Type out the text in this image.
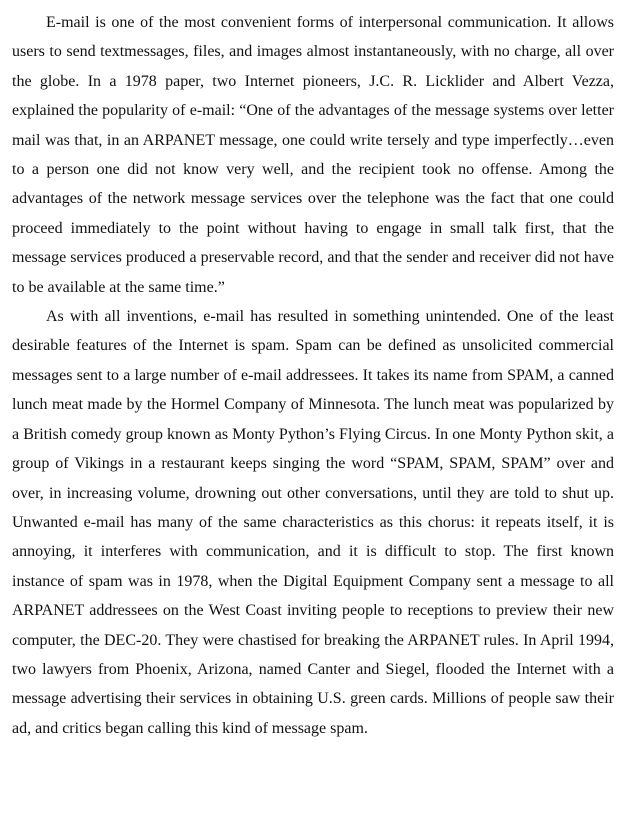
E-mail is one of the most convenient forms of interpersonal communication. It allows users to send textmessages, files, and images almost instantaneously, with no charge, all over the globe. In a 1978 paper, two Internet pioneers, J.C. R. Licklider and Albert Vezza, explained the popularity of e-mail: “One of the advantages of the message systems over letter mail was that, in an ARPANET message, one could write tersely and type imperfectly…even to a person one did not know very well, and the recipient took no offense. Among the advantages of the network message services over the telephone was the fact that one could proceed immediately to the point without having to engage in small talk first, that the message services produced a preservable record, and that the sender and receiver did not have to be available at the same time.”

As with all inventions, e-mail has resulted in something unintended. One of the least desirable features of the Internet is spam. Spam can be defined as unsolicited commercial messages sent to a large number of e-mail addressees. It takes its name from SPAM, a canned lunch meat made by the Hormel Company of Minnesota. The lunch meat was popularized by a British comedy group known as Monty Python’s Flying Circus. In one Monty Python skit, a group of Vikings in a restaurant keeps singing the word “SPAM, SPAM, SPAM” over and over, in increasing volume, drowning out other conversations, until they are told to shut up. Unwanted e-mail has many of the same characteristics as this chorus: it repeats itself, it is annoying, it interferes with communication, and it is difficult to stop. The first known instance of spam was in 1978, when the Digital Equipment Company sent a message to all ARPANET addressees on the West Coast inviting people to receptions to preview their new computer, the DEC-20. They were chastised for breaking the ARPANET rules. In April 1994, two lawyers from Phoenix, Arizona, named Canter and Siegel, flooded the Internet with a message advertising their services in obtaining U.S. green cards. Millions of people saw their ad, and critics began calling this kind of message spam.
